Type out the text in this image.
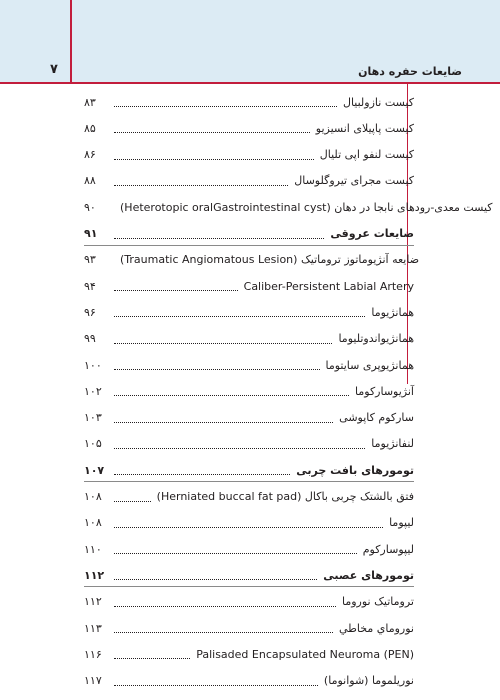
۷	ضایعات حفره دهان
۸۳	کیست نازولبیال
۸۵	کیست پاپیلای انسیزیو
۸۶	کیست لنفو اپی تلیال
۸۸	کیست مجرای تیروگلوسال
۹۰	کیست معدی-رودهای نابجا در دهان (Heterotopic oralGastrointestinal cyst)
۹۱	ضایعات عروقی
۹۳	ضایعه آنژیوماتوز تروماتیک (Traumatic Angiomatous Lesion)
۹۴	Caliber-Persistent Labial Artery
۹۶	همانژیوما
۹۹	همانژیواندوتلیوما
۱۰۰	همانژیوپری سایتوما
۱۰۲	آنژیوسارکوما
۱۰۳	سارکوم کاپوشی
۱۰۵	لنفانژیوما
۱۰۷	تومورهای بافت چربی
۱۰۸	فتق بالشتک چربی باکال (Herniated buccal fat pad)
۱۰۸	لیپوما
۱۱۰	لیپوسارکوم
۱۱۲	تومورهای عصبی
۱۱۲	تروماتیک نوروما
۱۱۳	نوروماي مخاطي
۱۱۶	(PEN) Palisaded Encapsulated Neuroma
۱۱۷	نوریلموما (شوانوما)
